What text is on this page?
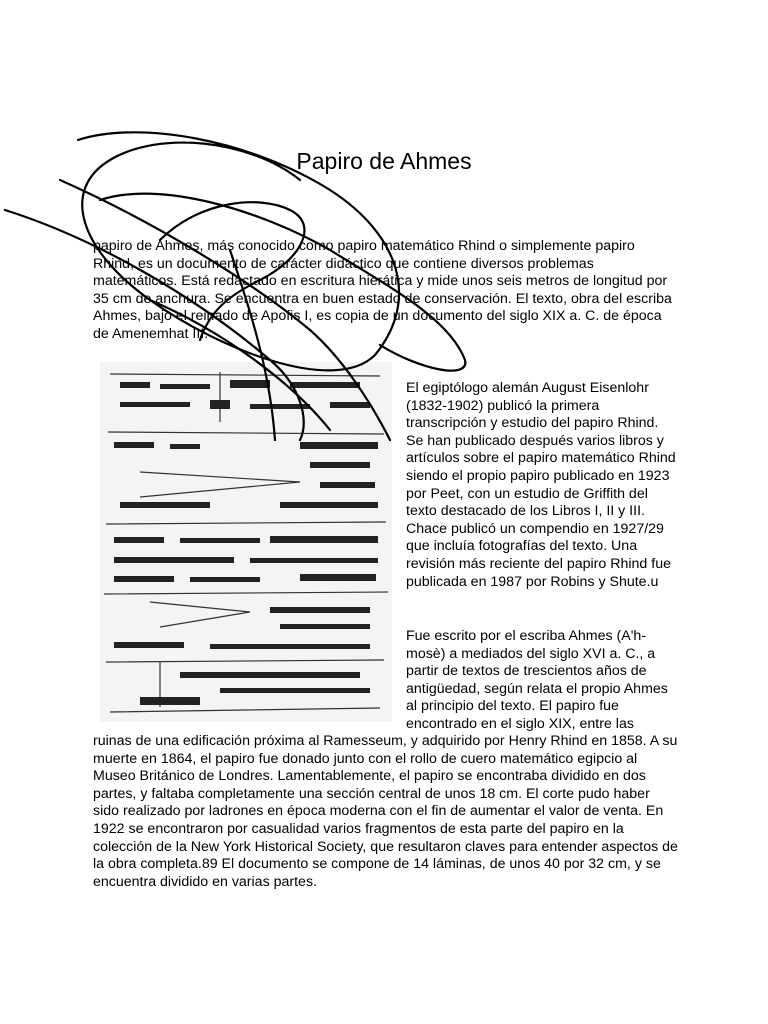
Papiro de Ahmes

papiro de Ahmes, más conocido como papiro matemático Rhind o simplemente papiro Rhind, es un documento de carácter didáctico que contiene diversos problemas matemáticos. Está redactado en escritura hierática y mide unos seis metros de longitud por 35 cm de anchura. Se encuentra en buen estado de conservación. El texto, obra del escriba Ahmes, bajo el reinado de Apofis I, es copia de un documento del siglo XIX a. C. de época de Amenemhat III.

El egiptólogo alemán August Eisenlohr (1832-1902) publicó la primera transcripción y estudio del papiro Rhind. Se han publicado después varios libros y artículos sobre el papiro matemático Rhind siendo el propio papiro publicado en 1923 por Peet, con un estudio de Griffith del texto destacado de los Libros I, II y III. Chace publicó un compendio en 1927/29 que incluía fotografías del texto. Una revisión más reciente del papiro Rhind fue publicada en 1987 por Robins y Shute.u

Fue escrito por el escriba Ahmes (A'h-mosè) a mediados del siglo XVI a. C., a partir de textos de trescientos años de antigüedad, según relata el propio Ahmes al principio del texto. El papiro fue encontrado en el siglo XIX, entre las

ruinas de una edificación próxima al Ramesseum, y adquirido por Henry Rhind en 1858. A su muerte en 1864, el papiro fue donado junto con el rollo de cuero matemático egipcio al Museo Británico de Londres. Lamentablemente, el papiro se encontraba dividido en dos partes, y faltaba completamente una sección central de unos 18 cm. El corte pudo haber sido realizado por ladrones en época moderna con el fin de aumentar el valor de venta. En 1922 se encontraron por casualidad varios fragmentos de esta parte del papiro en la colección de la New York Historical Society, que resultaron claves para entender aspectos de la obra completa.89 El documento se compone de 14 láminas, de unos 40 por 32 cm, y se encuentra dividido en varias partes.
